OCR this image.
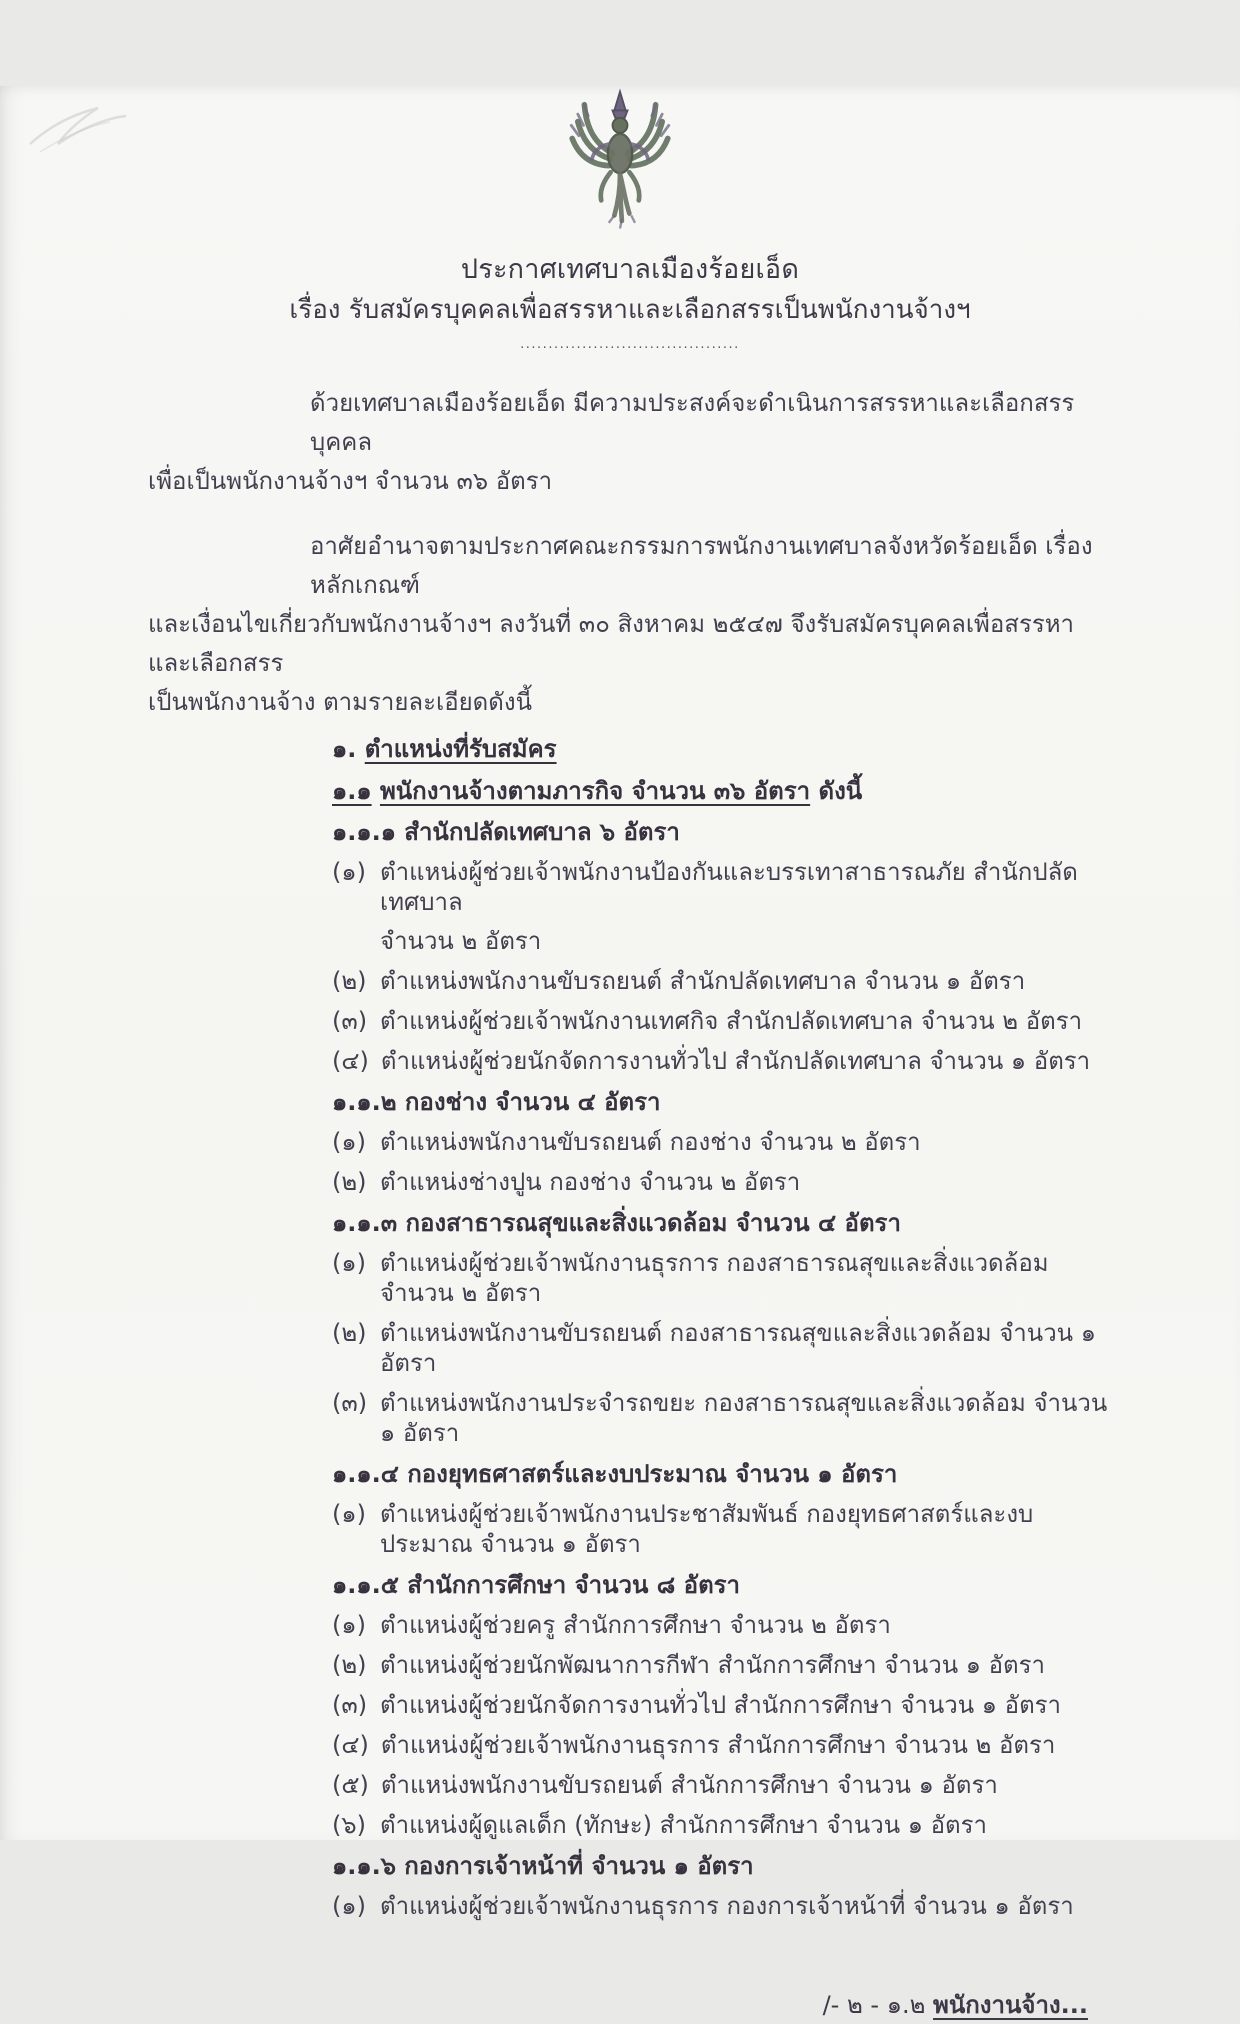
ประกาศเทศบาลเมืองร้อยเอ็ด
เรื่อง รับสมัครบุคคลเพื่อสรรหาและเลือกสรรเป็นพนักงานจ้างฯ
.......................................
ด้วยเทศบาลเมืองร้อยเอ็ด มีความประสงค์จะดำเนินการสรรหาและเลือกสรรบุคคล
เพื่อเป็นพนักงานจ้างฯ จำนวน ๓๖ อัตรา
อาศัยอำนาจตามประกาศคณะกรรมการพนักงานเทศบาลจังหวัดร้อยเอ็ด เรื่อง หลักเกณฑ์
และเงื่อนไขเกี่ยวกับพนักงานจ้างฯ ลงวันที่ ๓๐ สิงหาคม ๒๕๔๗ จึงรับสมัครบุคคลเพื่อสรรหาและเลือกสรร
เป็นพนักงานจ้าง ตามรายละเอียดดังนี้
๑. ตำแหน่งที่รับสมัคร
๑.๑ พนักงานจ้างตามภารกิจ จำนวน ๓๖ อัตรา ดังนี้
๑.๑.๑ สำนักปลัดเทศบาล ๖ อัตรา
(๑) ตำแหน่งผู้ช่วยเจ้าพนักงานป้องกันและบรรเทาสาธารณภัย สำนักปลัดเทศบาล
จำนวน ๒ อัตรา
(๒) ตำแหน่งพนักงานขับรถยนต์ สำนักปลัดเทศบาล จำนวน ๑ อัตรา
(๓) ตำแหน่งผู้ช่วยเจ้าพนักงานเทศกิจ สำนักปลัดเทศบาล จำนวน ๒ อัตรา
(๔) ตำแหน่งผู้ช่วยนักจัดการงานทั่วไป สำนักปลัดเทศบาล จำนวน ๑ อัตรา
๑.๑.๒ กองช่าง จำนวน ๔ อัตรา
(๑) ตำแหน่งพนักงานขับรถยนต์ กองช่าง จำนวน ๒ อัตรา
(๒) ตำแหน่งช่างปูน กองช่าง จำนวน ๒ อัตรา
๑.๑.๓ กองสาธารณสุขและสิ่งแวดล้อม จำนวน ๔ อัตรา
(๑) ตำแหน่งผู้ช่วยเจ้าพนักงานธุรการ กองสาธารณสุขและสิ่งแวดล้อม จำนวน ๒ อัตรา
(๒) ตำแหน่งพนักงานขับรถยนต์ กองสาธารณสุขและสิ่งแวดล้อม จำนวน ๑ อัตรา
(๓) ตำแหน่งพนักงานประจำรถขยะ กองสาธารณสุขและสิ่งแวดล้อม จำนวน ๑ อัตรา
๑.๑.๔ กองยุทธศาสตร์และงบประมาณ จำนวน ๑ อัตรา
(๑) ตำแหน่งผู้ช่วยเจ้าพนักงานประชาสัมพันธ์ กองยุทธศาสตร์และงบประมาณ จำนวน ๑ อัตรา
๑.๑.๕ สำนักการศึกษา จำนวน ๘ อัตรา
(๑) ตำแหน่งผู้ช่วยครู สำนักการศึกษา จำนวน ๒ อัตรา
(๒) ตำแหน่งผู้ช่วยนักพัฒนาการกีฬา สำนักการศึกษา จำนวน ๑ อัตรา
(๓) ตำแหน่งผู้ช่วยนักจัดการงานทั่วไป สำนักการศึกษา จำนวน ๑ อัตรา
(๔) ตำแหน่งผู้ช่วยเจ้าพนักงานธุรการ สำนักการศึกษา จำนวน ๒ อัตรา
(๕) ตำแหน่งพนักงานขับรถยนต์ สำนักการศึกษา จำนวน ๑ อัตรา
(๖) ตำแหน่งผู้ดูแลเด็ก (ทักษะ) สำนักการศึกษา จำนวน ๑ อัตรา
๑.๑.๖ กองการเจ้าหน้าที่ จำนวน ๑ อัตรา
(๑) ตำแหน่งผู้ช่วยเจ้าพนักงานธุรการ กองการเจ้าหน้าที่ จำนวน ๑ อัตรา
/- ๒ - ๑.๒ พนักงานจ้าง...
